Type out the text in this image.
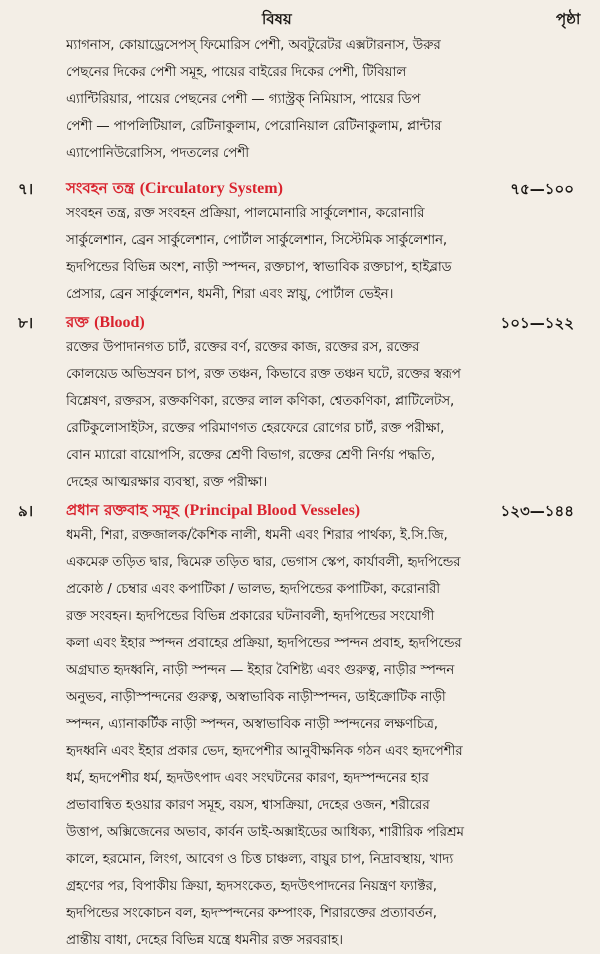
বিষয়	পৃষ্ঠা
ম্যাগনাস, কোয়াড্রেসেপস্ ফিমোরিস পেশী, অবটুরেটর এক্সটারনাস, উরুর
পেছনের দিকের পেশী সমূহ, পায়ের বাইরের দিকের পেশী, টিবিয়াল
এ্যান্টিরিয়ার, পায়ের পেছনের পেশী — গ্যাস্ট্রক্ নিমিয়াস, পায়ের ডিপ
পেশী — পাপলিটিয়াল, রেটিনাকুলাম, পেরোনিয়াল রেটিনাকুলাম, প্লান্টার
এ্যাপোনিউরোসিস, পদতলের পেশী
৭। সংবহন তন্ত্র (Circulatory System)	৭৫—১০০
সংবহন তন্ত্র, রক্ত সংবহন প্রক্রিয়া, পালমোনারি সার্কুলেশান, করোনারি
সার্কুলেশান, ব্রেন সার্কুলেশান, পোর্টাল সার্কুলেশান, সিস্টেমিক সার্কুলেশান,
হৃদপিন্ডের বিভিন্ন অংশ, নাড়ী স্পন্দন, রক্তচাপ, স্বাভাবিক রক্তচাপ, হাইব্লাড
প্রেসার, ব্রেন সার্কুলেশন, ধমনী, শিরা এবং স্নায়ু, পোর্টাল ভেইন।
৮। রক্ত (Blood)	১০১—১২২
রক্তের উপাদানগত চার্ট, রক্তের বর্ণ, রক্তের কাজ, রক্তের রস, রক্তের
কোলয়েড অভিস্রবন চাপ, রক্ত তঞ্চন, কিভাবে রক্ত তঞ্চন ঘটে, রক্তের স্বরূপ
বিশ্লেষণ, রক্তরস, রক্তকণিকা, রক্তের লাল কণিকা, শ্বেতকণিকা, প্লাটিলেটস,
রেটিকুলোসাইটস, রক্তের পরিমাণগত হেরফেরে রোগের চার্ট, রক্ত পরীক্ষা,
বোন ম্যারো বায়োপসি, রক্তের শ্রেণী বিভাগ, রক্তের শ্রেণী নির্ণয় পদ্ধতি,
দেহের আত্মরক্ষার ব্যবস্থা, রক্ত পরীক্ষা।
৯। প্রধান রক্তবাহ সমূহ (Principal Blood Vesseles)	১২৩—১৪৪
ধমনী, শিরা, রক্তজালক/কৈশিক নালী, ধমনী এবং শিরার পার্থক্য, ই.সি.জি,
একমেরু তড়িত দ্বার, দ্বিমেরু তড়িত দ্বার, ভেগাস স্কেপ, কার্যাবলী, হৃদপিন্ডের
প্রকোষ্ঠ / চেম্বার এবং কপাটিকা / ভালভ, হৃদপিন্ডের কপাটিকা, করোনারী
রক্ত সংবহন। হৃদপিন্ডের বিভিন্ন প্রকারের ঘটনাবলী, হৃদপিন্ডের সংযোগী
কলা এবং ইহার স্পন্দন প্রবাহের প্রক্রিয়া, হৃদপিন্ডের স্পন্দন প্রবাহ, হৃদপিন্ডের
অগ্রঘাত হৃদধ্বনি, নাড়ী স্পন্দন — ইহার বৈশিষ্ট্য এবং গুরুত্ব, নাড়ীর স্পন্দন
অনুভব, নাড়ীস্পন্দনের গুরুত্ব, অস্বাভাবিক নাড়ীস্পন্দন, ডাইক্রোটিক নাড়ী
স্পন্দন, এ্যানাকর্টিক নাড়ী স্পন্দন, অস্বাভাবিক নাড়ী স্পন্দনের লক্ষণচিত্র,
হৃদধ্বনি এবং ইহার প্রকার ভেদ, হৃদপেশীর আনুবীক্ষনিক গঠন এবং হৃদপেশীর
ধর্ম, হৃদপেশীর ধর্ম, হৃদউৎপাদ এবং সংঘটনের কারণ, হৃদস্পন্দনের হার
প্রভাবান্বিত হওয়ার কারণ সমূহ, বয়স, শ্বাসক্রিয়া, দেহের ওজন, শরীরের
উত্তাপ, অক্সিজেনের অভাব, কার্বন ডাই-অক্সাইডের আধিক্য, শারীরিক পরিশ্রম
কালে, হরমোন, লিংগ, আবেগ ও চিত্ত চাঞ্চল্য, বায়ুর চাপ, নিদ্রাবস্থায়, খাদ্য
গ্রহণের পর, বিপাকীয় ক্রিয়া, হৃদসংকেত, হৃদউৎপাদনের নিয়ন্ত্রণ ফ্যাক্টর,
হৃদপিন্ডের সংকোচন বল, হৃদস্পন্দনের কম্পাংক, শিরারক্তের প্রত্যাবর্তন,
প্রান্তীয় বাধা, দেহের বিভিন্ন যন্ত্রে ধমনীর রক্ত সরবরাহ।
